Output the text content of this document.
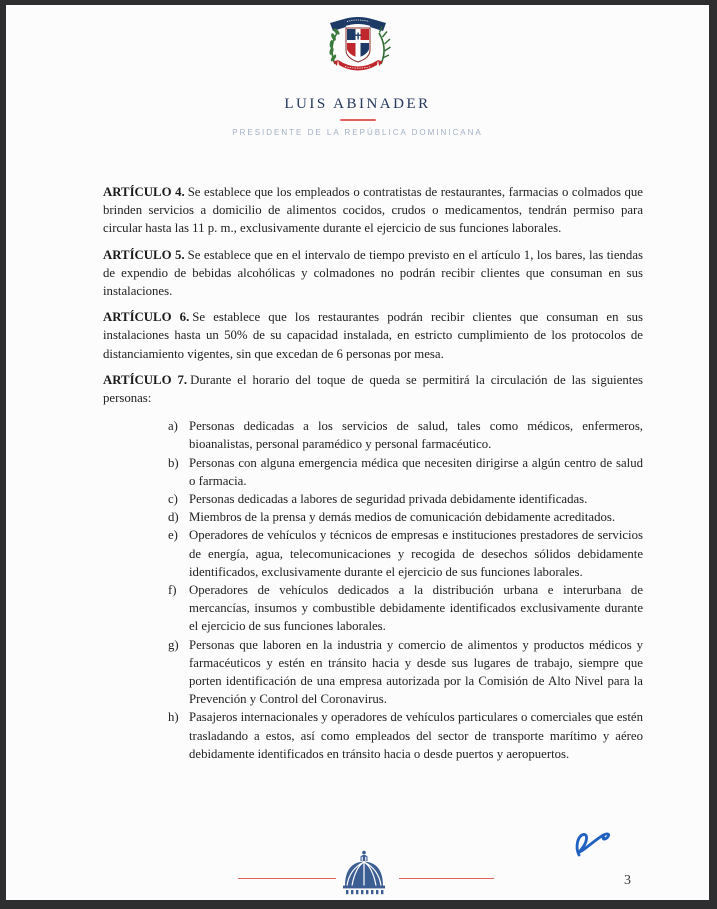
LUIS ABINADER
PRESIDENTE DE LA REPÚBLICA DOMINICANA

ARTÍCULO 4. Se establece que los empleados o contratistas de restaurantes, farmacias o colmados que brinden servicios a domicilio de alimentos cocidos, crudos o medicamentos, tendrán permiso para circular hasta las 11 p. m., exclusivamente durante el ejercicio de sus funciones laborales.

ARTÍCULO 5. Se establece que en el intervalo de tiempo previsto en el artículo 1, los bares, las tiendas de expendio de bebidas alcohólicas y colmadones no podrán recibir clientes que consuman en sus instalaciones.

ARTÍCULO 6. Se establece que los restaurantes podrán recibir clientes que consuman en sus instalaciones hasta un 50% de su capacidad instalada, en estricto cumplimiento de los protocolos de distanciamiento vigentes, sin que excedan de 6 personas por mesa.

ARTÍCULO 7. Durante el horario del toque de queda se permitirá la circulación de las siguientes personas:

a) Personas dedicadas a los servicios de salud, tales como médicos, enfermeros, bioanalistas, personal paramédico y personal farmacéutico.
b) Personas con alguna emergencia médica que necesiten dirigirse a algún centro de salud o farmacia.
c) Personas dedicadas a labores de seguridad privada debidamente identificadas.
d) Miembros de la prensa y demás medios de comunicación debidamente acreditados.
e) Operadores de vehículos y técnicos de empresas e instituciones prestadores de servicios de energía, agua, telecomunicaciones y recogida de desechos sólidos debidamente identificados, exclusivamente durante el ejercicio de sus funciones laborales.
f) Operadores de vehículos dedicados a la distribución urbana e interurbana de mercancías, insumos y combustible debidamente identificados exclusivamente durante el ejercicio de sus funciones laborales.
g) Personas que laboren en la industria y comercio de alimentos y productos médicos y farmacéuticos y estén en tránsito hacia y desde sus lugares de trabajo, siempre que porten identificación de una empresa autorizada por la Comisión de Alto Nivel para la Prevención y Control del Coronavirus.
h) Pasajeros internacionales y operadores de vehículos particulares o comerciales que estén trasladando a estos, así como empleados del sector de transporte marítimo y aéreo debidamente identificados en tránsito hacia o desde puertos y aeropuertos.
3
